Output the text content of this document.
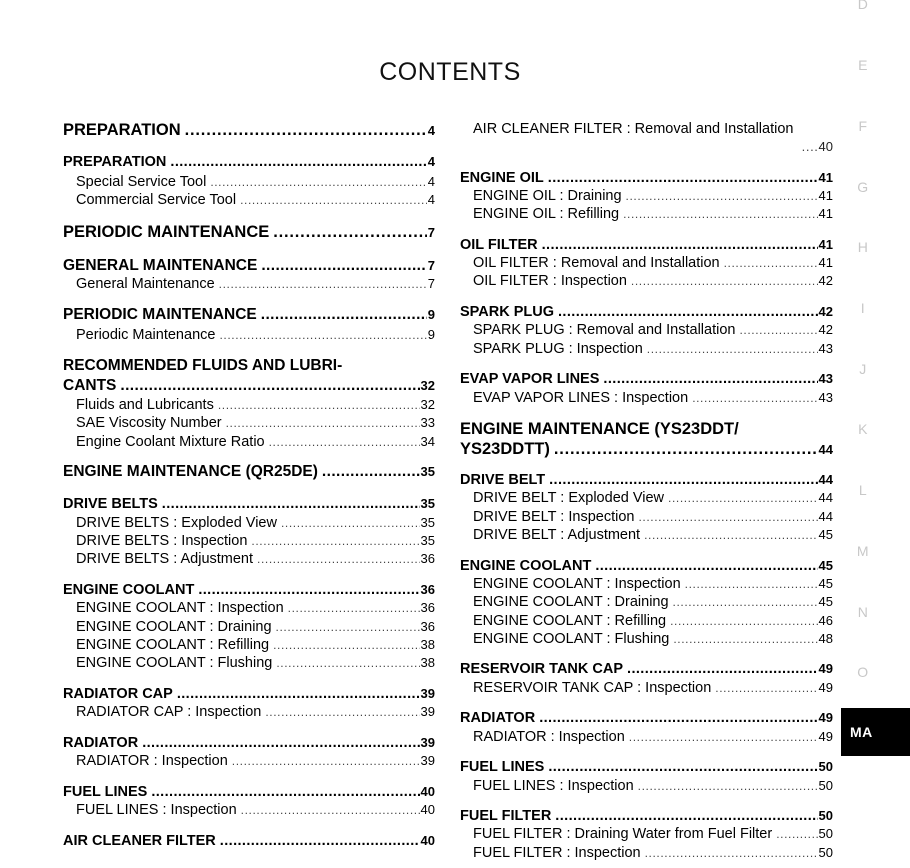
CONTENTS
PREPARATION .....	4
PREPARATION .....	4
Special Service Tool .....	4
Commercial Service Tool .....	4
PERIODIC MAINTENANCE .....	7
GENERAL MAINTENANCE .....	7
General Maintenance .....	7
PERIODIC MAINTENANCE .....	9
Periodic Maintenance .....	9
RECOMMENDED FLUIDS AND LUBRI-
CANTS .....	32
Fluids and Lubricants .....	32
SAE Viscosity Number .....	33
Engine Coolant Mixture Ratio .....	34
ENGINE MAINTENANCE (QR25DE) .....	35
DRIVE BELTS .....	35
DRIVE BELTS : Exploded View .....	35
DRIVE BELTS : Inspection .....	35
DRIVE BELTS : Adjustment .....	36
ENGINE COOLANT .....	36
ENGINE COOLANT : Inspection .....	36
ENGINE COOLANT : Draining .....	36
ENGINE COOLANT : Refilling .....	38
ENGINE COOLANT : Flushing .....	38
RADIATOR CAP .....	39
RADIATOR CAP : Inspection .....	39
RADIATOR .....	39
RADIATOR : Inspection .....	39
FUEL LINES .....	40
FUEL LINES : Inspection .....	40
AIR CLEANER FILTER .....	40
AIR CLEANER FILTER : Removal and Installation
....40
ENGINE OIL .....	41
ENGINE OIL : Draining .....	41
ENGINE OIL : Refilling .....	41
OIL FILTER .....	41
OIL FILTER : Removal and Installation .....	41
OIL FILTER : Inspection .....	42
SPARK PLUG .....	42
SPARK PLUG : Removal and Installation .....	42
SPARK PLUG : Inspection .....	43
EVAP VAPOR LINES .....	43
EVAP VAPOR LINES : Inspection .....	43
ENGINE MAINTENANCE (YS23DDT/
YS23DDTT) .....	44
DRIVE BELT .....	44
DRIVE BELT : Exploded View .....	44
DRIVE BELT : Inspection .....	44
DRIVE BELT : Adjustment .....	45
ENGINE COOLANT .....	45
ENGINE COOLANT : Inspection .....	45
ENGINE COOLANT : Draining .....	45
ENGINE COOLANT : Refilling .....	46
ENGINE COOLANT : Flushing .....	48
RESERVOIR TANK CAP .....	49
RESERVOIR TANK CAP : Inspection .....	49
RADIATOR .....	49
RADIATOR : Inspection .....	49
FUEL LINES .....	50
FUEL LINES : Inspection .....	50
FUEL FILTER .....	50
FUEL FILTER : Draining Water from Fuel Filter .....	50
FUEL FILTER : Inspection .....	50
D
E
F
G
H
I
J
K
L
M
N
O
MA
